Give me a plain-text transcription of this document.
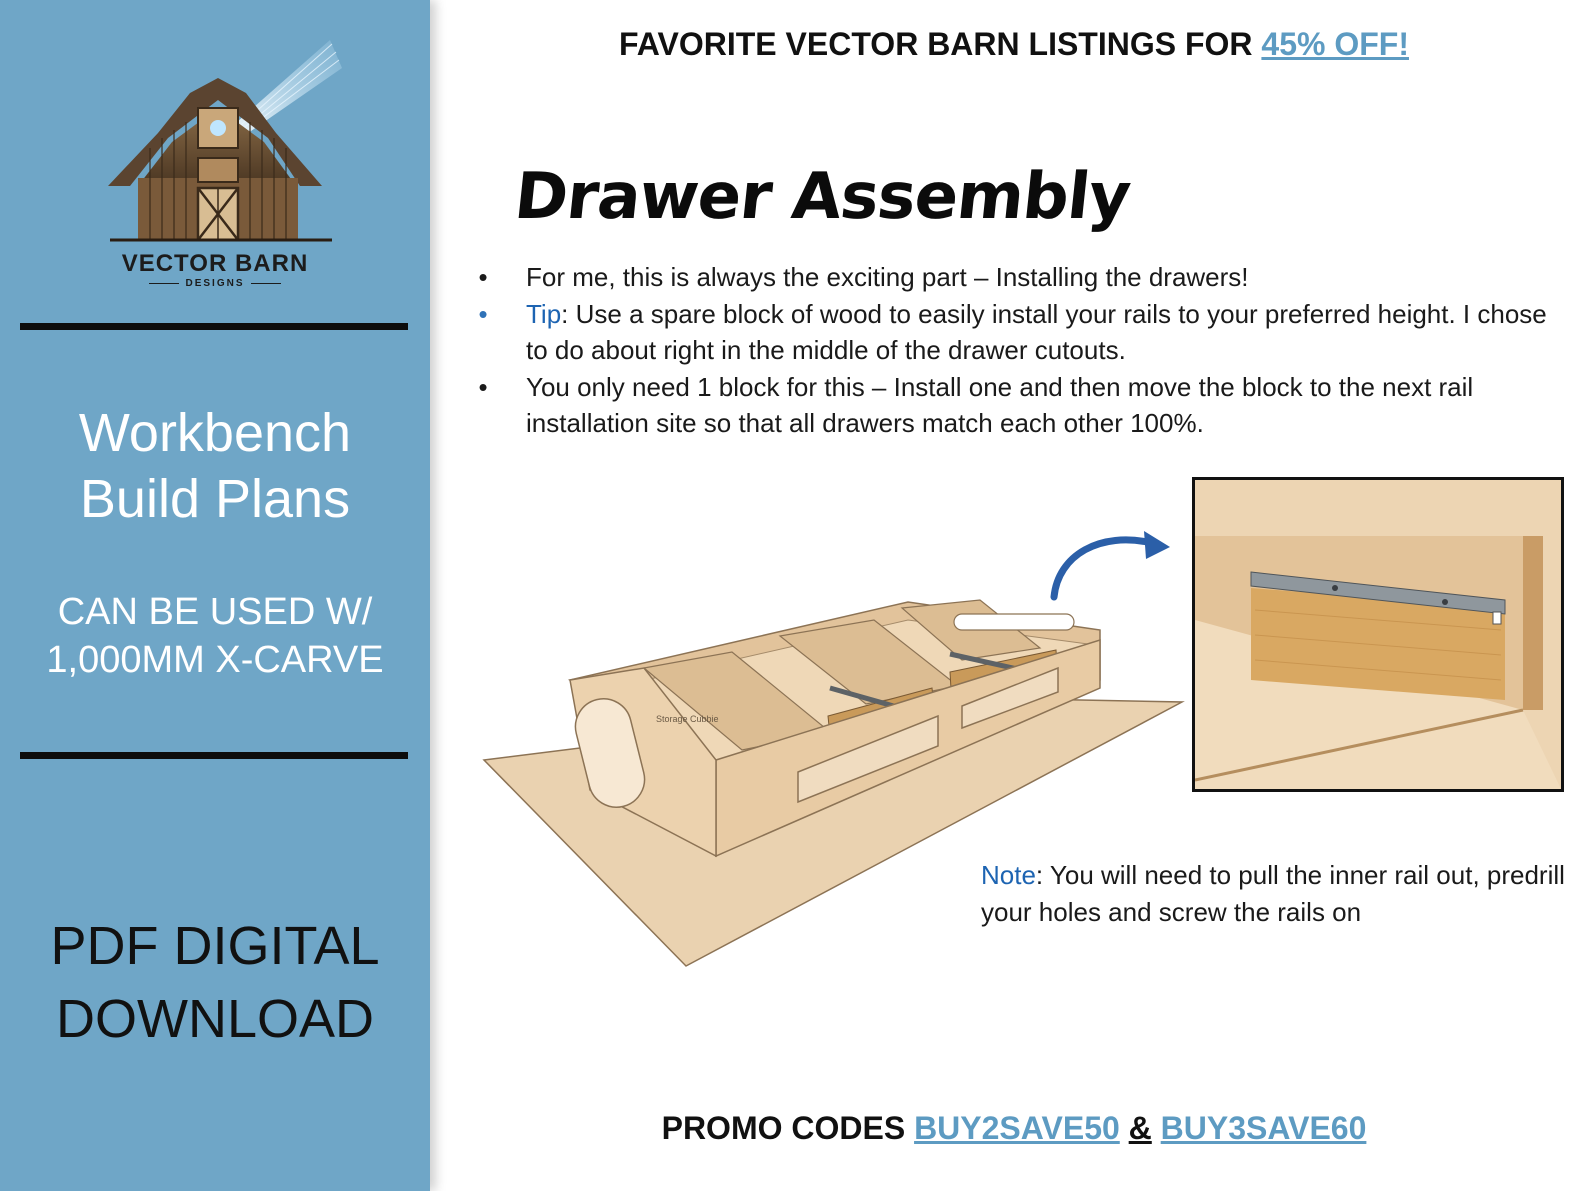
VECTOR BARN
DESIGNS
Workbench
Build Plans
CAN BE USED W/
1,000MM X-CARVE
PDF DIGITAL
DOWNLOAD
FAVORITE VECTOR BARN LISTINGS FOR 45% OFF!
Drawer Assembly
• For me, this is always the exciting part – Installing the drawers!
• Tip: Use a spare block of wood to easily install your rails to your preferred height. I chose to do about right in the middle of the drawer cutouts.
• You only need 1 block for this – Install one and then move the block to the next rail installation site so that all drawers match each other 100%.
Storage Cubbie
Note: You will need to pull the inner rail out, predrill your holes and screw the rails on
PROMO CODES BUY2SAVE50 & BUY3SAVE60
